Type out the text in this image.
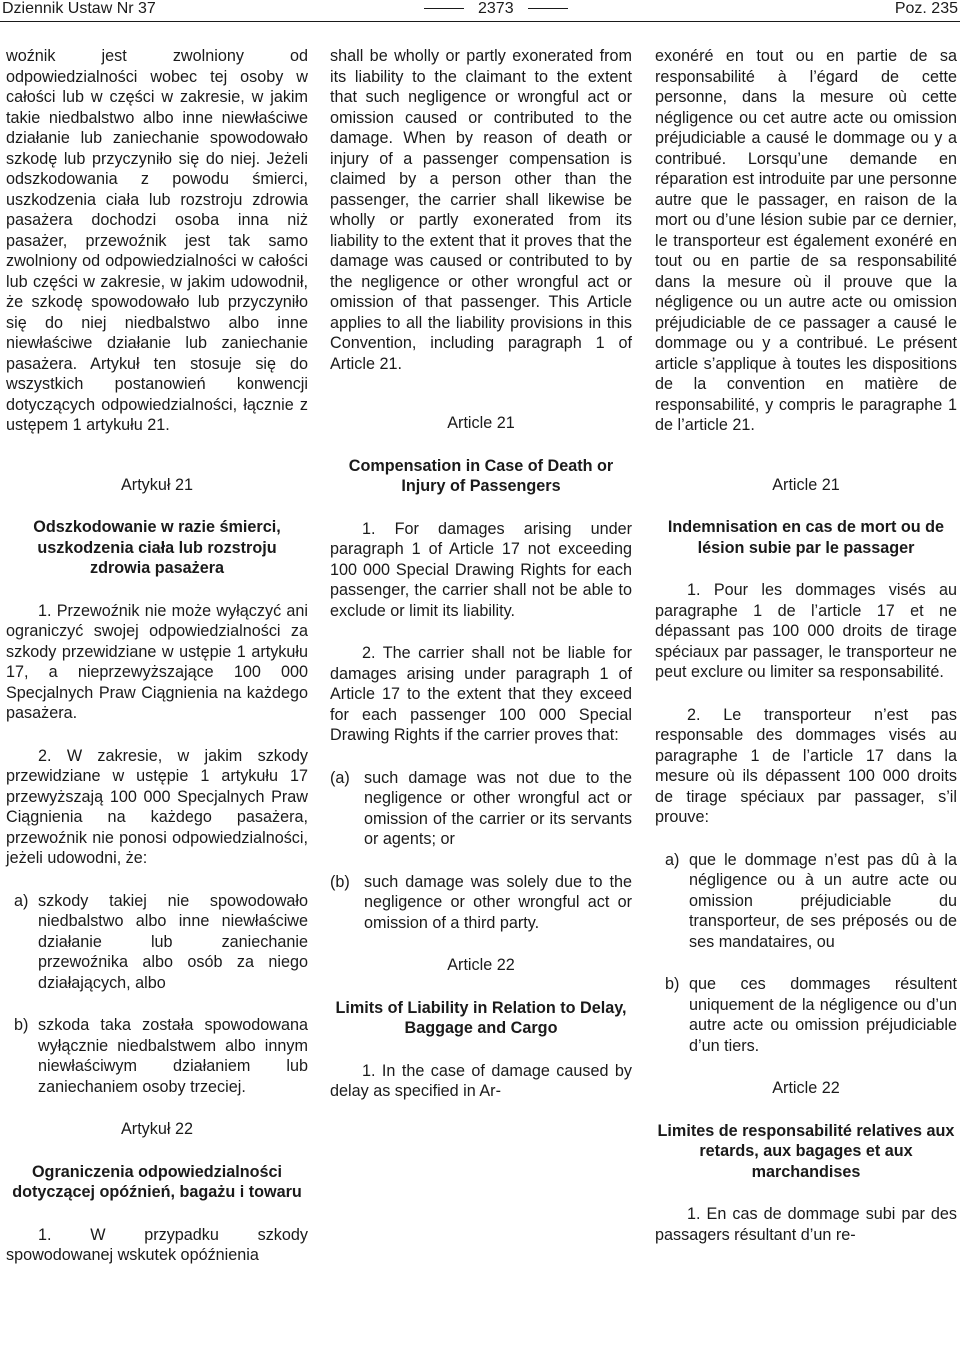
Dziennik Ustaw Nr 37	2373	Poz. 235

woźnik jest zwolniony od odpowiedzialności wobec tej osoby w całości lub w części w zakresie, w jakim takie niedbalstwo albo inne niewłaściwe działanie lub zaniechanie spowodowało szkodę lub przyczyniło się do niej. Jeżeli odszkodowania z powodu śmierci, uszkodzenia ciała lub rozstroju zdrowia pasażera dochodzi osoba inna niż pasażer, przewoźnik jest tak samo zwolniony od odpowiedzialności w całości lub części w zakresie, w jakim udowodnił, że szkodę spowodowało lub przyczyniło się do niej niedbalstwo albo inne niewłaściwe działanie lub zaniechanie pasażera. Artykuł ten stosuje się do wszystkich postanowień konwencji dotyczących odpowiedzialności, łącznie z ustępem 1 artykułu 21.

Artykuł 21

Odszkodowanie w razie śmierci, uszkodzenia ciała lub rozstroju zdrowia pasażera

1. Przewoźnik nie może wyłączyć ani ograniczyć swojej odpowiedzialności za szkody przewidziane w ustępie 1 artykułu 17, a nieprzewyższające 100 000 Specjalnych Praw Ciągnienia na każdego pasażera.

2. W zakresie, w jakim szkody przewidziane w ustępie 1 artykułu 17 przewyższają 100 000 Specjalnych Praw Ciągnienia na każdego pasażera, przewoźnik nie ponosi odpowiedzialności, jeżeli udowodni, że:

a) szkody takiej nie spowodowało niedbalstwo albo inne niewłaściwe działanie lub zaniechanie przewoźnika albo osób za niego działających, albo

b) szkoda taka została spowodowana wyłącznie niedbalstwem albo innym niewłaściwym działaniem lub zaniechaniem osoby trzeciej.

Artykuł 22

Ograniczenia odpowiedzialności dotyczącej opóźnień, bagażu i towaru

1. W przypadku szkody spowodowanej wskutek opóźnienia

shall be wholly or partly exonerated from its liability to the claimant to the extent that such negligence or wrongful act or omission caused or contributed to the damage. When by reason of death or injury of a passenger compensation is claimed by a person other than the passenger, the carrier shall likewise be wholly or partly exonerated from its liability to the extent that it proves that the damage was caused or contributed to by the negligence or other wrongful act or omission of that passenger. This Article applies to all the liability provisions in this Convention, including paragraph 1 of Article 21.

Article 21

Compensation in Case of Death or Injury of Passengers

1. For damages arising under paragraph 1 of Article 17 not exceeding 100 000 Special Drawing Rights for each passenger, the carrier shall not be able to exclude or limit its liability.

2. The carrier shall not be liable for damages arising under paragraph 1 of Article 17 to the extent that they exceed for each passenger 100 000 Special Drawing Rights if the carrier proves that:

(a) such damage was not due to the negligence or other wrongful act or omission of the carrier or its servants or agents; or

(b) such damage was solely due to the negligence or other wrongful act or omission of a third party.

Article 22

Limits of Liability in Relation to Delay, Baggage and Cargo

1. In the case of damage caused by delay as specified in Ar-

exonéré en tout ou en partie de sa responsabilité à l’égard de cette personne, dans la mesure où cette négligence ou cet autre acte ou omission préjudiciable a causé le dommage ou y a contribué. Lorsqu’une demande en réparation est introduite par une personne autre que le passager, en raison de la mort ou d’une lésion subie par ce dernier, le transporteur est également exonéré en tout ou en partie de sa responsabilité dans la mesure où il prouve que la négligence ou un autre acte ou omission préjudiciable de ce passager a causé le dommage ou y a contribué. Le présent article s’applique à toutes les dispositions de la convention en matière de responsabilité, y compris le paragraphe 1 de l’article 21.

Article 21

Indemnisation en cas de mort ou de lésion subie par le passager

1. Pour les dommages visés au paragraphe 1 de l’article 17 et ne dépassant pas 100 000 droits de tirage spéciaux par passager, le transporteur ne peut exclure ou limiter sa responsabilité.

2. Le transporteur n’est pas responsable des dommages visés au paragraphe 1 de l’article 17 dans la mesure où ils dépassent 100 000 droits de tirage spéciaux par passager, s’il prouve:

a) que le dommage n’est pas dû à la négligence ou à un autre acte ou omission préjudiciable du transporteur, de ses préposés ou de ses mandataires, ou

b) que ces dommages résultent uniquement de la négligence ou d’un autre acte ou omission préjudiciable d’un tiers.

Article 22

Limites de responsabilité relatives aux retards, aux bagages et aux marchandises

1. En cas de dommage subi par des passagers résultant d’un re-
